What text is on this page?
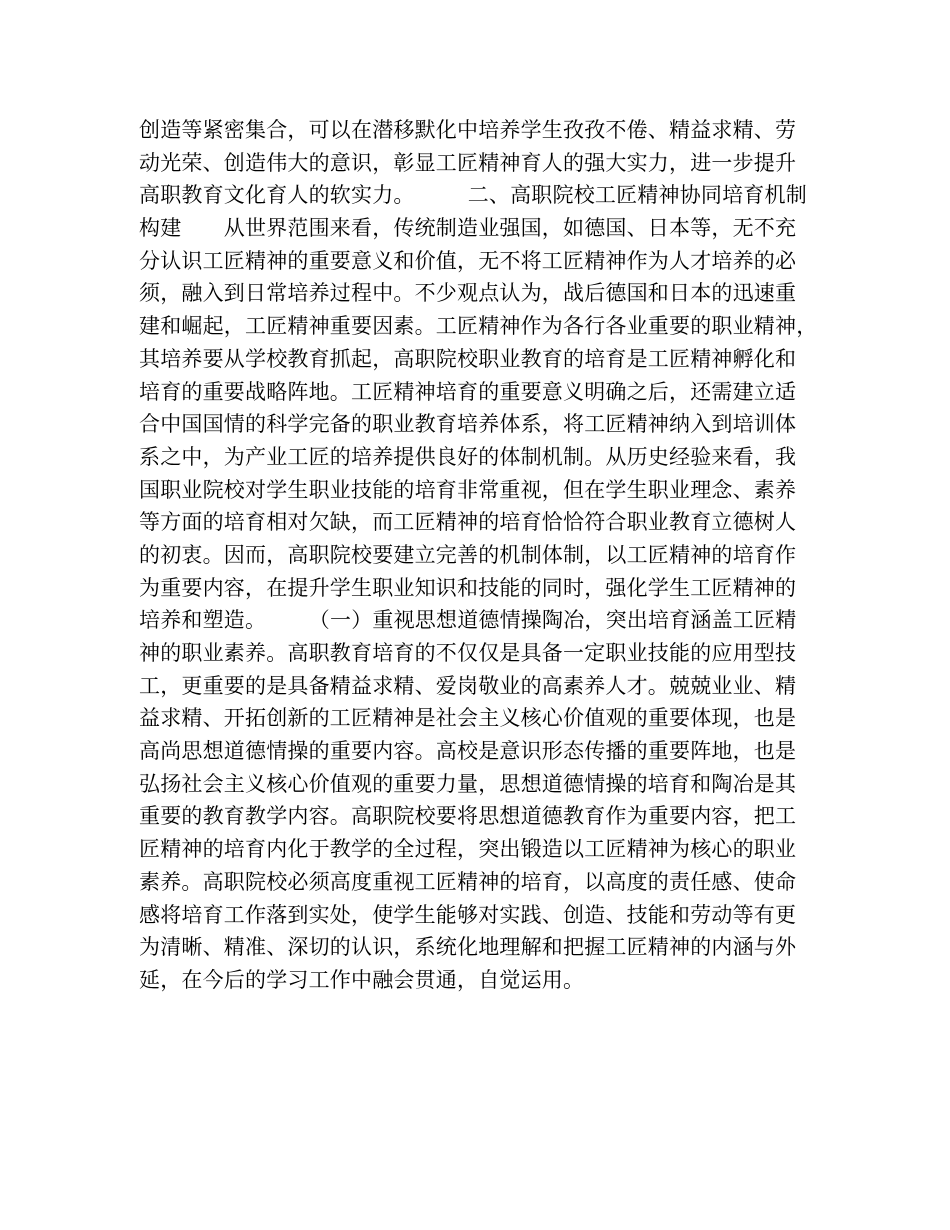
创造等紧密集合，可以在潜移默化中培养学生孜孜不倦、精益求精、劳
动光荣、创造伟大的意识，彰显工匠精神育人的强大实力，进一步提升
高职教育文化育人的软实力。　　　二、高职院校工匠精神协同培育机制
构建　　从世界范围来看，传统制造业强国，如德国、日本等，无不充
分认识工匠精神的重要意义和价值，无不将工匠精神作为人才培养的必
须，融入到日常培养过程中。不少观点认为，战后德国和日本的迅速重
建和崛起，工匠精神重要因素。工匠精神作为各行各业重要的职业精神，
其培养要从学校教育抓起，高职院校职业教育的培育是工匠精神孵化和
培育的重要战略阵地。工匠精神培育的重要意义明确之后，还需建立适
合中国国情的科学完备的职业教育培养体系，将工匠精神纳入到培训体
系之中，为产业工匠的培养提供良好的体制机制。从历史经验来看，我
国职业院校对学生职业技能的培育非常重视，但在学生职业理念、素养
等方面的培育相对欠缺，而工匠精神的培育恰恰符合职业教育立德树人
的初衷。因而，高职院校要建立完善的机制体制，以工匠精神的培育作
为重要内容，在提升学生职业知识和技能的同时，强化学生工匠精神的
培养和塑造。　　　（一）重视思想道德情操陶冶，突出培育涵盖工匠精
神的职业素养。高职教育培育的不仅仅是具备一定职业技能的应用型技
工，更重要的是具备精益求精、爱岗敬业的高素养人才。兢兢业业、精
益求精、开拓创新的工匠精神是社会主义核心价值观的重要体现，也是
高尚思想道德情操的重要内容。高校是意识形态传播的重要阵地，也是
弘扬社会主义核心价值观的重要力量，思想道德情操的培育和陶冶是其
重要的教育教学内容。高职院校要将思想道德教育作为重要内容，把工
匠精神的培育内化于教学的全过程，突出锻造以工匠精神为核心的职业
素养。高职院校必须高度重视工匠精神的培育，以高度的责任感、使命
感将培育工作落到实处，使学生能够对实践、创造、技能和劳动等有更
为清晰、精准、深切的认识，系统化地理解和把握工匠精神的内涵与外
延，在今后的学习工作中融会贯通，自觉运用。
